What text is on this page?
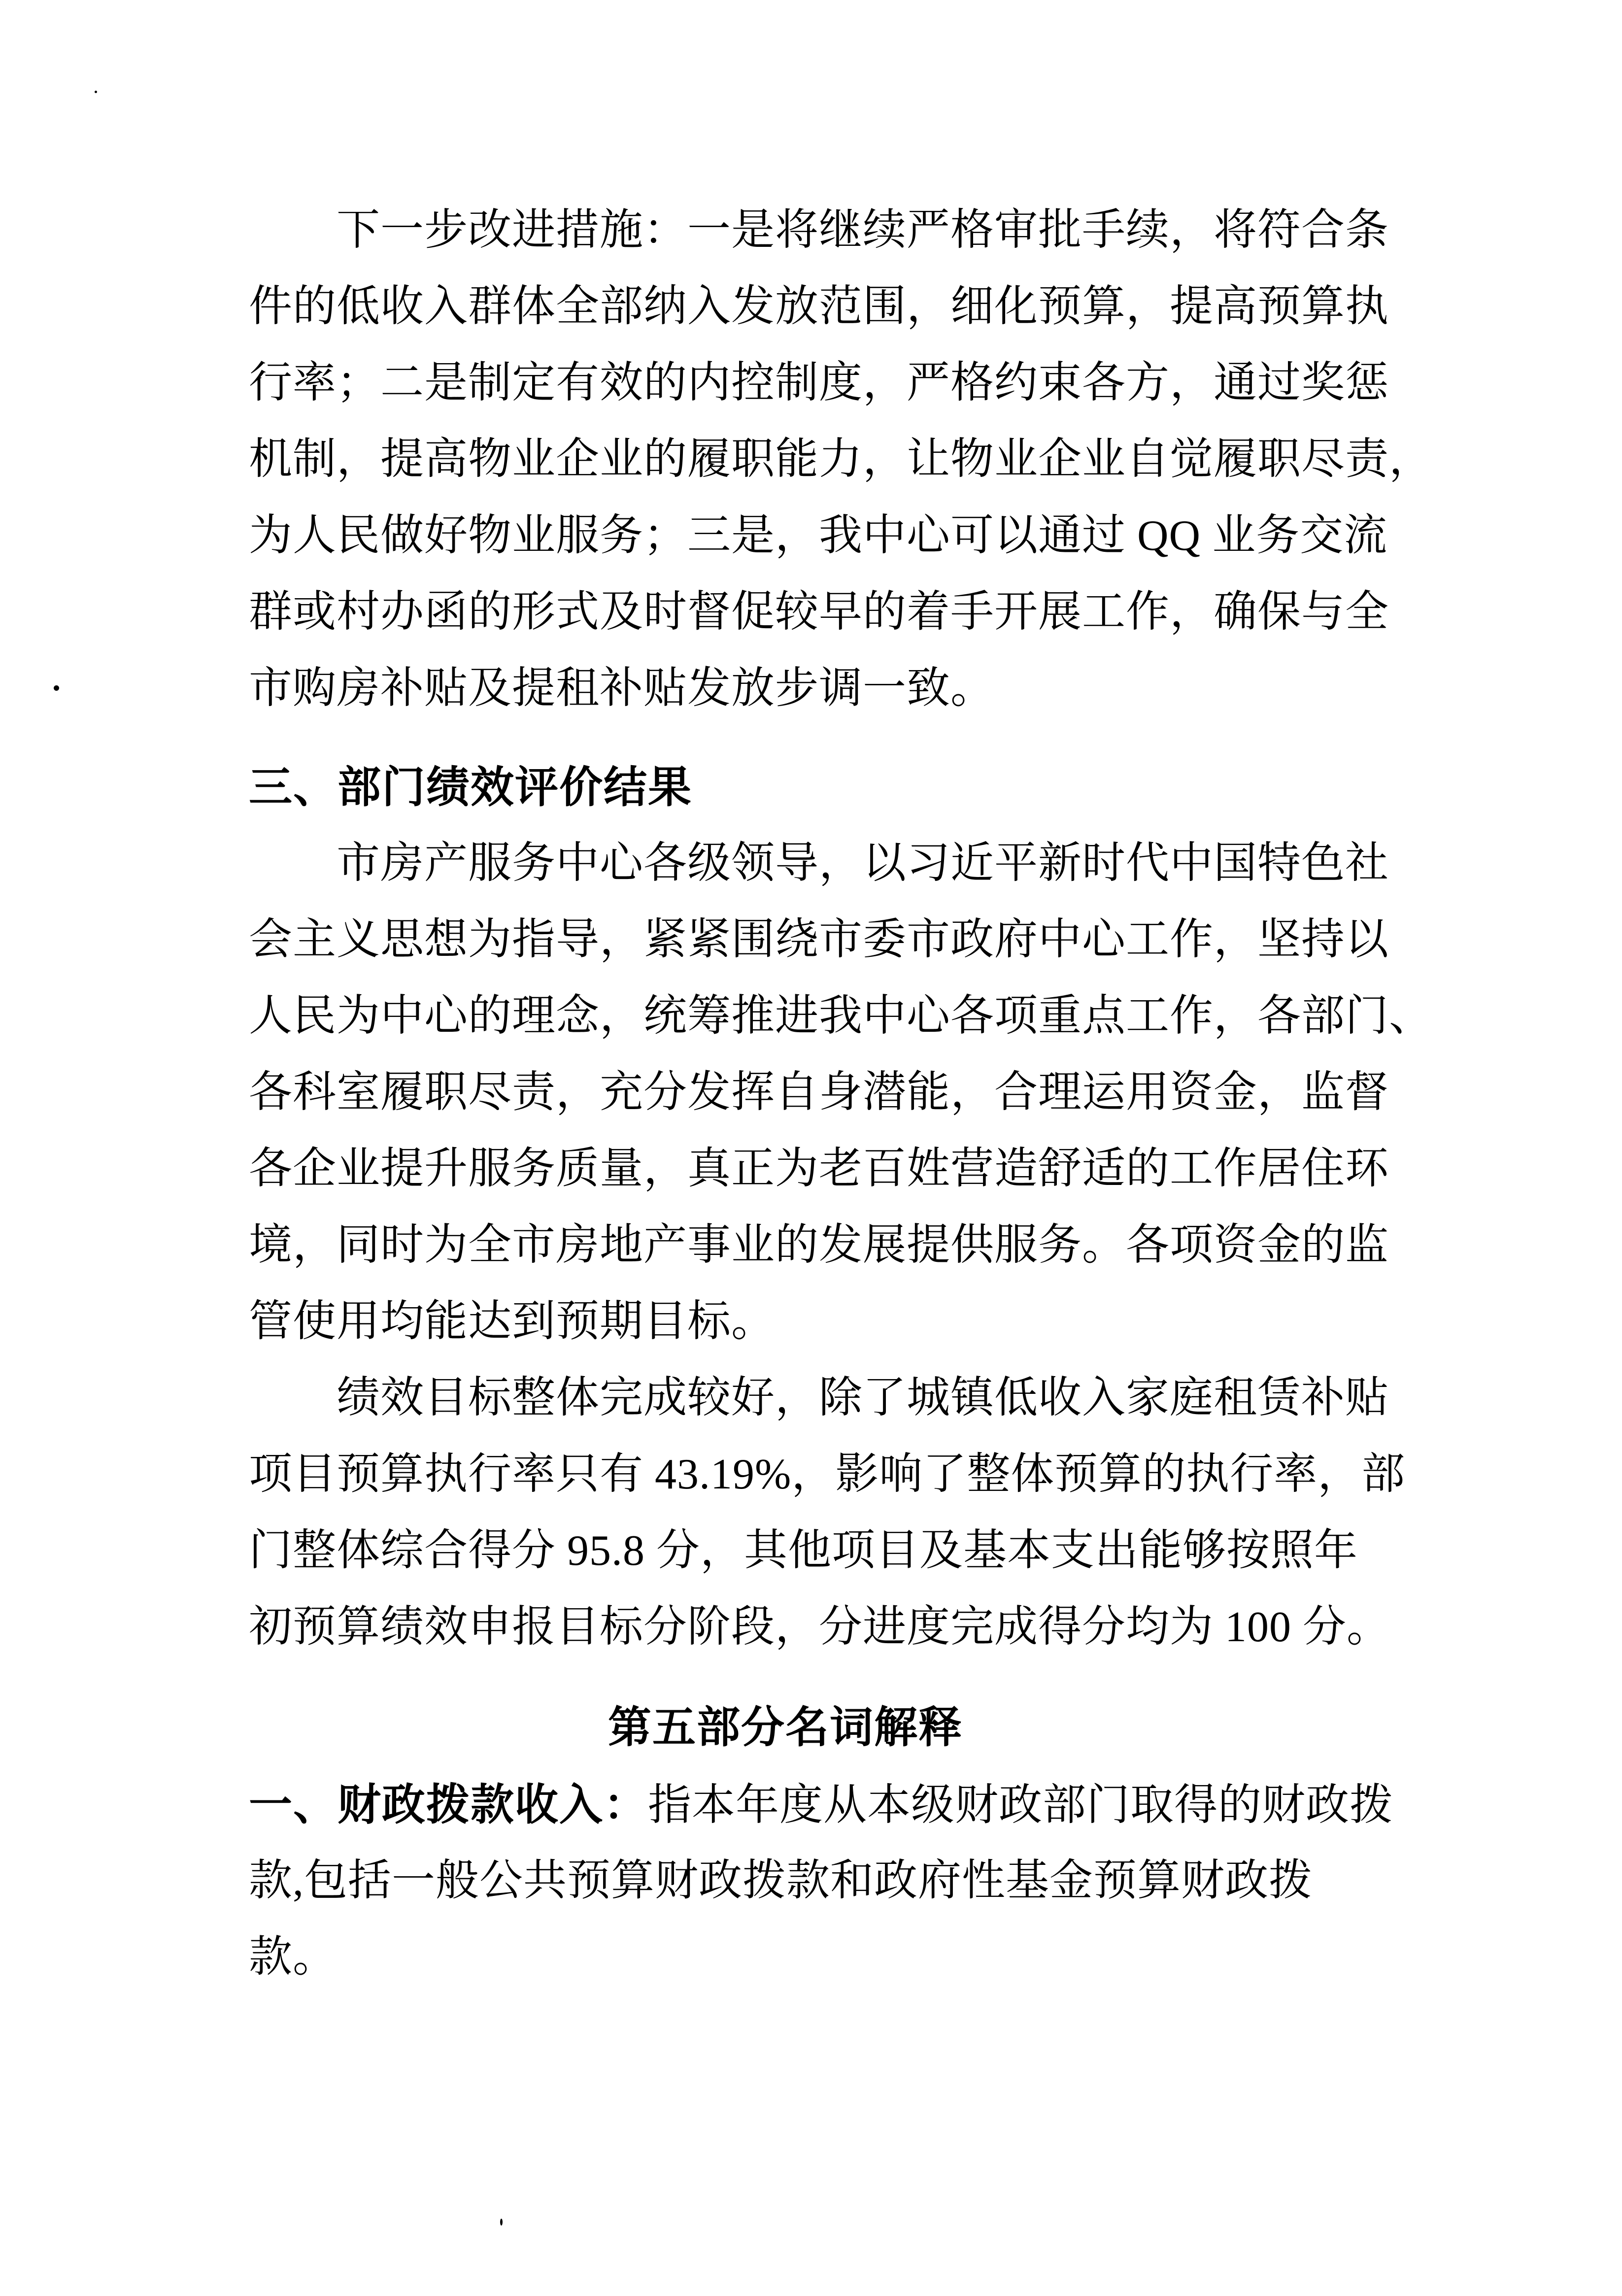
下一步改进措施：一是将继续严格审批手续，将符合条

件的低收入群体全部纳入发放范围，细化预算，提高预算执

行率；二是制定有效的内控制度，严格约束各方，通过奖惩

机制，提高物业企业的履职能力，让物业企业自觉履职尽责，

为人民做好物业服务；三是，我中心可以通过 QQ 业务交流

群或村办函的形式及时督促较早的着手开展工作，确保与全

市购房补贴及提租补贴发放步调一致。

三、部门绩效评价结果

市房产服务中心各级领导，以习近平新时代中国特色社

会主义思想为指导，紧紧围绕市委市政府中心工作，坚持以

人民为中心的理念，统筹推进我中心各项重点工作，各部门、

各科室履职尽责，充分发挥自身潜能，合理运用资金，监督

各企业提升服务质量，真正为老百姓营造舒适的工作居住环

境，同时为全市房地产事业的发展提供服务。各项资金的监

管使用均能达到预期目标。

绩效目标整体完成较好，除了城镇低收入家庭租赁补贴

项目预算执行率只有 43.19%，影响了整体预算的执行率，部

门整体综合得分 95.8 分，其他项目及基本支出能够按照年

初预算绩效申报目标分阶段，分进度完成得分均为 100 分。

第五部分名词解释

一、财政拨款收入：指本年度从本级财政部门取得的财政拨

款,包括一般公共预算财政拨款和政府性基金预算财政拨

款。
